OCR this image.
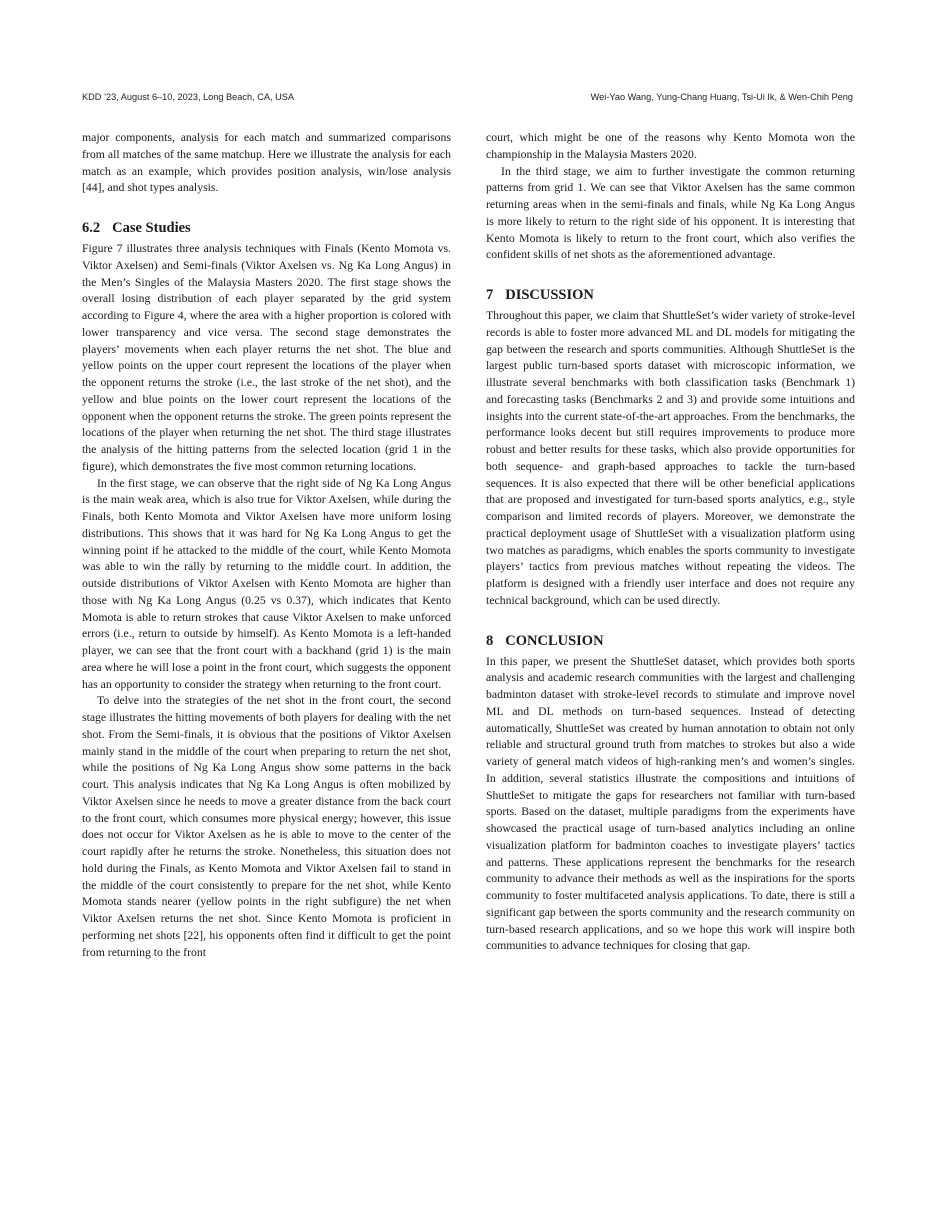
KDD ’23, August 6–10, 2023, Long Beach, CA, USA	Wei-Yao Wang, Yung-Chang Huang, Tsi-Ui Ik, & Wen-Chih Peng

major components, analysis for each match and summarized comparisons from all matches of the same matchup. Here we illustrate the analysis for each match as an example, which provides position analysis, win/lose analysis [44], and shot types analysis.

6.2 Case Studies

Figure 7 illustrates three analysis techniques with Finals (Kento Momota vs. Viktor Axelsen) and Semi-finals (Viktor Axelsen vs. Ng Ka Long Angus) in the Men’s Singles of the Malaysia Masters 2020. The first stage shows the overall losing distribution of each player separated by the grid system according to Figure 4, where the area with a higher proportion is colored with lower transparency and vice versa. The second stage demonstrates the players’ movements when each player returns the net shot. The blue and yellow points on the upper court represent the locations of the player when the opponent returns the stroke (i.e., the last stroke of the net shot), and the yellow and blue points on the lower court represent the locations of the opponent when the opponent returns the stroke. The green points represent the locations of the player when returning the net shot. The third stage illustrates the analysis of the hitting patterns from the selected location (grid 1 in the figure), which demonstrates the five most common returning locations.

In the first stage, we can observe that the right side of Ng Ka Long Angus is the main weak area, which is also true for Viktor Axelsen, while during the Finals, both Kento Momota and Viktor Axelsen have more uniform losing distributions. This shows that it was hard for Ng Ka Long Angus to get the winning point if he attacked to the middle of the court, while Kento Momota was able to win the rally by returning to the middle court. In addition, the outside distributions of Viktor Axelsen with Kento Momota are higher than those with Ng Ka Long Angus (0.25 vs 0.37), which indicates that Kento Momota is able to return strokes that cause Viktor Axelsen to make unforced errors (i.e., return to outside by himself). As Kento Momota is a left-handed player, we can see that the front court with a backhand (grid 1) is the main area where he will lose a point in the front court, which suggests the opponent has an opportunity to consider the strategy when returning to the front court.

To delve into the strategies of the net shot in the front court, the second stage illustrates the hitting movements of both players for dealing with the net shot. From the Semi-finals, it is obvious that the positions of Viktor Axelsen mainly stand in the middle of the court when preparing to return the net shot, while the positions of Ng Ka Long Angus show some patterns in the back court. This analysis indicates that Ng Ka Long Angus is often mobilized by Viktor Axelsen since he needs to move a greater distance from the back court to the front court, which consumes more physical energy; however, this issue does not occur for Viktor Axelsen as he is able to move to the center of the court rapidly after he returns the stroke. Nonetheless, this situation does not hold during the Finals, as Kento Momota and Viktor Axelsen fail to stand in the middle of the court consistently to prepare for the net shot, while Kento Momota stands nearer (yellow points in the right subfigure) the net when Viktor Axelsen returns the net shot. Since Kento Momota is proficient in performing net shots [22], his opponents often find it difficult to get the point from returning to the front

court, which might be one of the reasons why Kento Momota won the championship in the Malaysia Masters 2020.

In the third stage, we aim to further investigate the common returning patterns from grid 1. We can see that Viktor Axelsen has the same common returning areas when in the semi-finals and finals, while Ng Ka Long Angus is more likely to return to the right side of his opponent. It is interesting that Kento Momota is likely to return to the front court, which also verifies the confident skills of net shots as the aforementioned advantage.

7 DISCUSSION

Throughout this paper, we claim that ShuttleSet’s wider variety of stroke-level records is able to foster more advanced ML and DL models for mitigating the gap between the research and sports communities. Although ShuttleSet is the largest public turn-based sports dataset with microscopic information, we illustrate several benchmarks with both classification tasks (Benchmark 1) and forecasting tasks (Benchmarks 2 and 3) and provide some intuitions and insights into the current state-of-the-art approaches. From the benchmarks, the performance looks decent but still requires improvements to produce more robust and better results for these tasks, which also provide opportunities for both sequence- and graph-based approaches to tackle the turn-based sequences. It is also expected that there will be other beneficial applications that are proposed and investigated for turn-based sports analytics, e.g., style comparison and limited records of players. Moreover, we demonstrate the practical deployment usage of ShuttleSet with a visualization platform using two matches as paradigms, which enables the sports community to investigate players’ tactics from previous matches without repeating the videos. The platform is designed with a friendly user interface and does not require any technical background, which can be used directly.

8 CONCLUSION

In this paper, we present the ShuttleSet dataset, which provides both sports analysis and academic research communities with the largest and challenging badminton dataset with stroke-level records to stimulate and improve novel ML and DL methods on turn-based sequences. Instead of detecting automatically, ShuttleSet was created by human annotation to obtain not only reliable and structural ground truth from matches to strokes but also a wide variety of general match videos of high-ranking men’s and women’s singles. In addition, several statistics illustrate the compositions and intuitions of ShuttleSet to mitigate the gaps for researchers not familiar with turn-based sports. Based on the dataset, multiple paradigms from the experiments have showcased the practical usage of turn-based analytics including an online visualization platform for badminton coaches to investigate players’ tactics and patterns. These applications represent the benchmarks for the research community to advance their methods as well as the inspirations for the sports community to foster multifaceted analysis applications. To date, there is still a significant gap between the sports community and the research community on turn-based research applications, and so we hope this work will inspire both communities to advance techniques for closing that gap.
